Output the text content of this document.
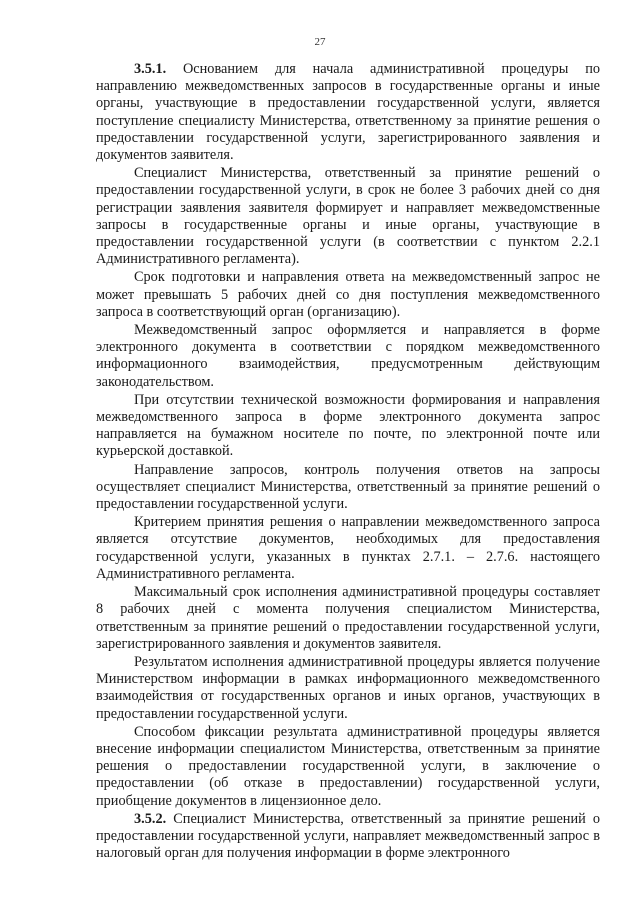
27

3.5.1. Основанием для начала административной процедуры по направлению межведомственных запросов в государственные органы и иные органы, участвующие в предоставлении государственной услуги, является поступление специалисту Министерства, ответственному за принятие решения о предоставлении государственной услуги, зарегистрированного заявления и документов заявителя.

Специалист Министерства, ответственный за принятие решений о предоставлении государственной услуги, в срок не более 3 рабочих дней со дня регистрации заявления заявителя формирует и направляет межведомственные запросы в государственные органы и иные органы, участвующие в предоставлении государственной услуги (в соответствии с пунктом 2.2.1 Административного регламента).

Срок подготовки и направления ответа на межведомственный запрос не может превышать 5 рабочих дней со дня поступления межведомственного запроса в соответствующий орган (организацию).

Межведомственный запрос оформляется и направляется в форме электронного документа в соответствии с порядком межведомственного информационного взаимодействия, предусмотренным действующим законодательством.

При отсутствии технической возможности формирования и направления межведомственного запроса в форме электронного документа запрос направляется на бумажном носителе по почте, по электронной почте или курьерской доставкой.

Направление запросов, контроль получения ответов на запросы осуществляет специалист Министерства, ответственный за принятие решений о предоставлении государственной услуги.

Критерием принятия решения о направлении межведомственного запроса является отсутствие документов, необходимых для предоставления государственной услуги, указанных в пунктах 2.7.1. – 2.7.6. настоящего Административного регламента.

Максимальный срок исполнения административной процедуры составляет 8 рабочих дней с момента получения специалистом Министерства, ответственным за принятие решений о предоставлении государственной услуги, зарегистрированного заявления и документов заявителя.

Результатом исполнения административной процедуры является получение Министерством информации в рамках информационного межведомственного взаимодействия от государственных органов и иных органов, участвующих в предоставлении государственной услуги.

Способом фиксации результата административной процедуры является внесение информации специалистом Министерства, ответственным за принятие решения о предоставлении государственной услуги, в заключение о предоставлении (об отказе в предоставлении) государственной услуги, приобщение документов в лицензионное дело.

3.5.2. Специалист Министерства, ответственный за принятие решений о предоставлении государственной услуги, направляет межведомственный запрос в налоговый орган для получения информации в форме электронного
